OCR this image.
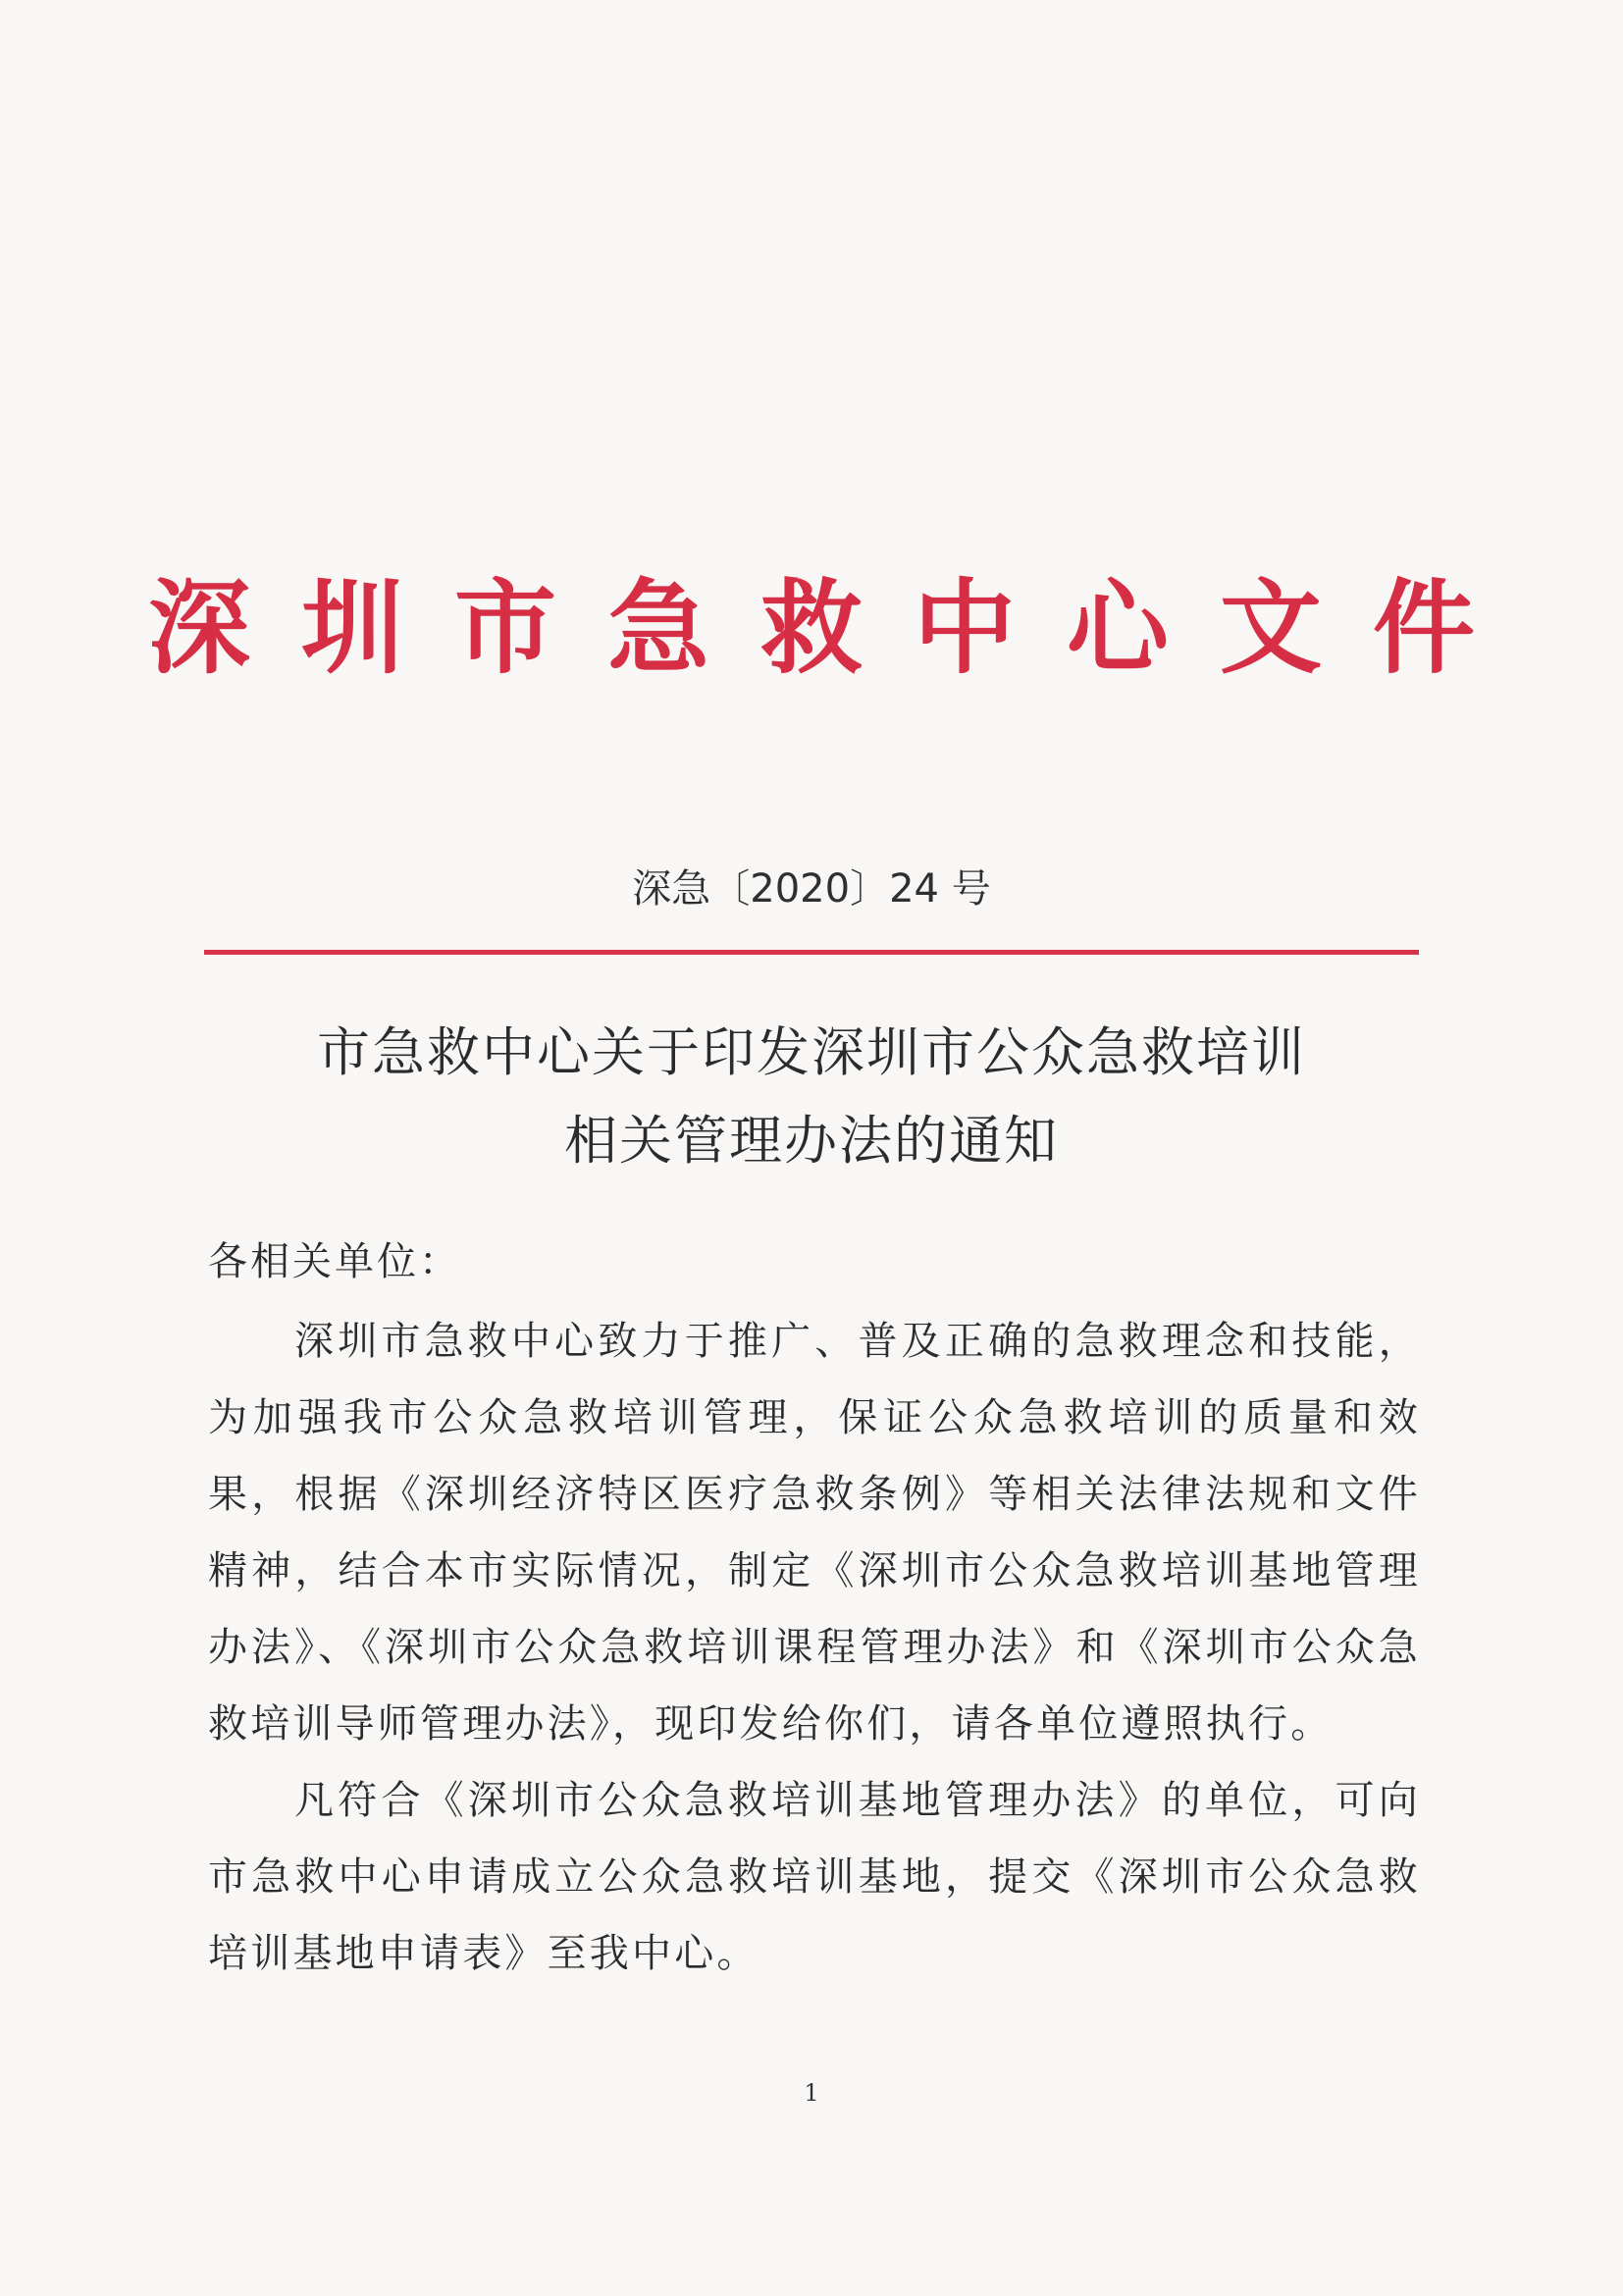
深圳市急救中心文件
深急〔2020〕24 号
市急救中心关于印发深圳市公众急救培训
相关管理办法的通知
各相关单位：
深圳市急救中心致力于推广、普及正确的急救理念和技能，为加强我市公众急救培训管理，保证公众急救培训的质量和效果，根据《深圳经济特区医疗急救条例》等相关法律法规和文件精神，结合本市实际情况，制定《深圳市公众急救培训基地管理办法》、《深圳市公众急救培训课程管理办法》和《深圳市公众急救培训导师管理办法》，现印发给你们，请各单位遵照执行。
凡符合《深圳市公众急救培训基地管理办法》的单位，可向市急救中心申请成立公众急救培训基地，提交《深圳市公众急救培训基地申请表》至我中心。
1
